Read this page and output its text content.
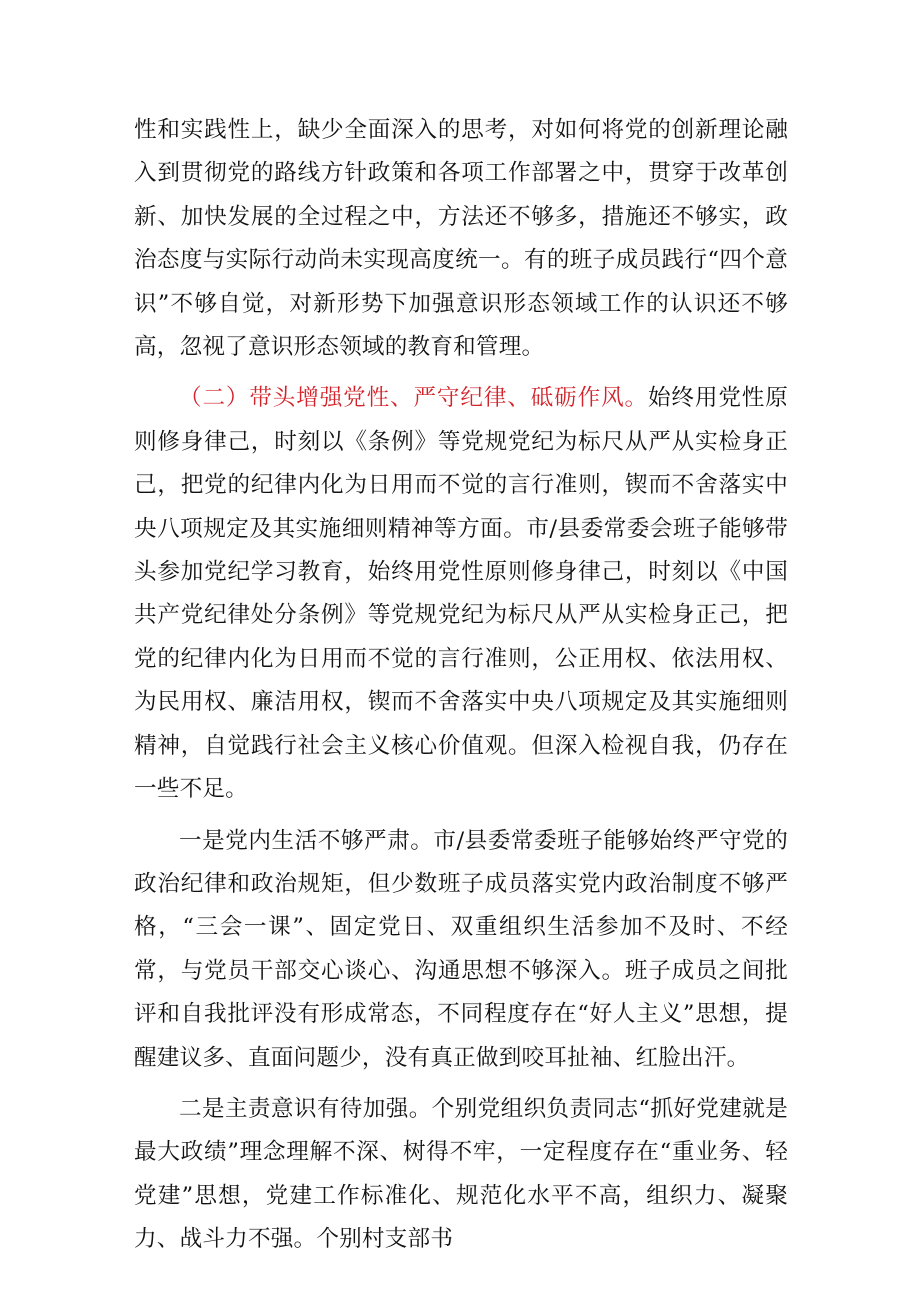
性和实践性上，缺少全面深入的思考，对如何将党的创新理论融入到贯彻党的路线方针政策和各项工作部署之中，贯穿于改革创新、加快发展的全过程之中，方法还不够多，措施还不够实，政治态度与实际行动尚未实现高度统一。有的班子成员践行“四个意识”不够自觉，对新形势下加强意识形态领域工作的认识还不够高，忽视了意识形态领域的教育和管理。

（二）带头增强党性、严守纪律、砥砺作风。始终用党性原则修身律己，时刻以《条例》等党规党纪为标尺从严从实检身正己，把党的纪律内化为日用而不觉的言行准则，锲而不舍落实中央八项规定及其实施细则精神等方面。市/县委常委会班子能够带头参加党纪学习教育，始终用党性原则修身律己，时刻以《中国共产党纪律处分条例》等党规党纪为标尺从严从实检身正己，把党的纪律内化为日用而不觉的言行准则，公正用权、依法用权、为民用权、廉洁用权，锲而不舍落实中央八项规定及其实施细则精神，自觉践行社会主义核心价值观。但深入检视自我，仍存在一些不足。

一是党内生活不够严肃。市/县委常委班子能够始终严守党的政治纪律和政治规矩，但少数班子成员落实党内政治制度不够严格，“三会一课”、固定党日、双重组织生活参加不及时、不经常，与党员干部交心谈心、沟通思想不够深入。班子成员之间批评和自我批评没有形成常态，不同程度存在“好人主义”思想，提醒建议多、直面问题少，没有真正做到咬耳扯袖、红脸出汗。

二是主责意识有待加强。个别党组织负责同志“抓好党建就是最大政绩”理念理解不深、树得不牢，一定程度存在“重业务、轻党建”思想，党建工作标准化、规范化水平不高，组织力、凝聚力、战斗力不强。个别村支部书
